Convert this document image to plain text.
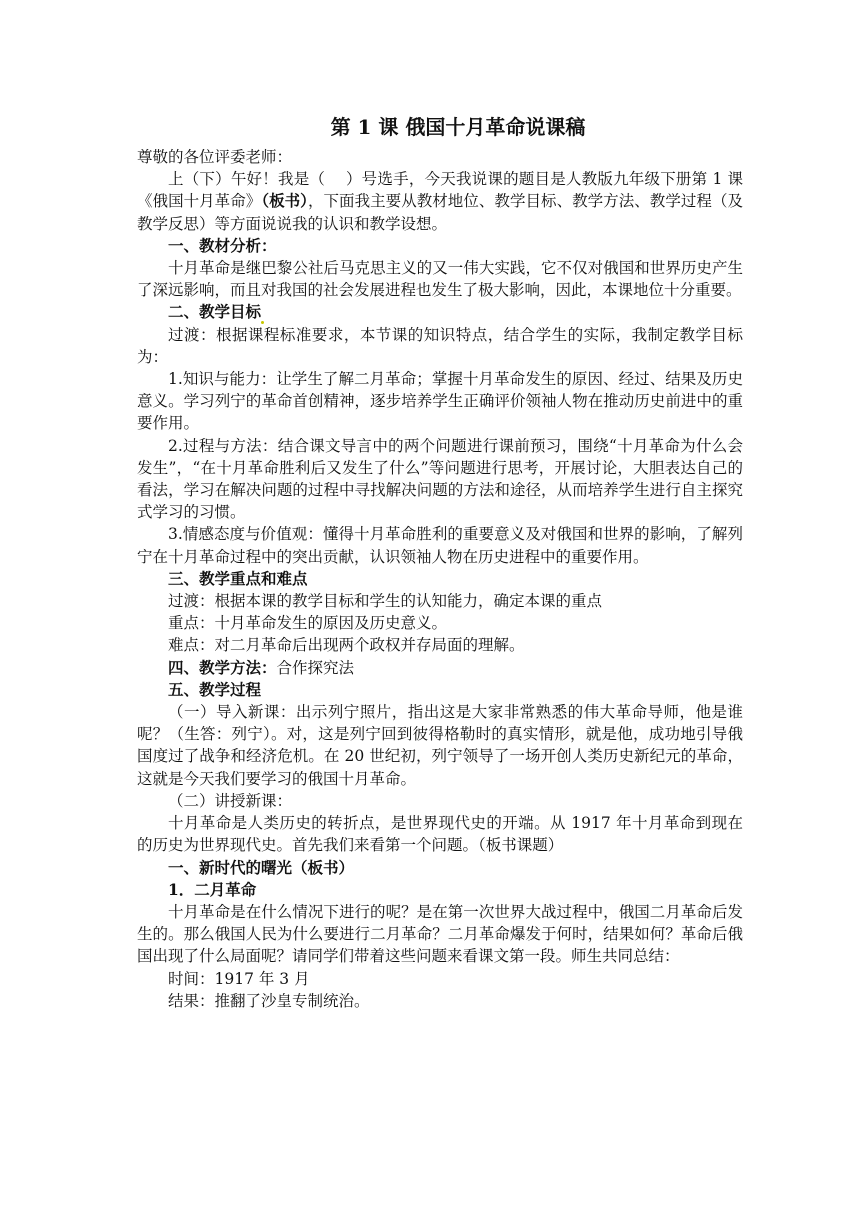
第 1 课 俄国十月革命说课稿

尊敬的各位评委老师：

上（下）午好！我是（　 ）号选手，今天我说课的题目是人教版九年级下册第 1 课《俄国十月革命》（板书），下面我主要从教材地位、教学目标、教学方法、教学过程（及教学反思）等方面说说我的认识和教学设想。

一、教材分析：

十月革命是继巴黎公社后马克思主义的又一伟大实践，它不仅对俄国和世界历史产生了深远影响，而且对我国的社会发展进程也发生了极大影响，因此，本课地位十分重要。

二、教学目标

过渡：根据课程标准要求，本节课的知识特点，结合学生的实际，我制定教学目标为：

1.知识与能力：让学生了解二月革命；掌握十月革命发生的原因、经过、结果及历史意义。学习列宁的革命首创精神，逐步培养学生正确评价领袖人物在推动历史前进中的重要作用。

2.过程与方法：结合课文导言中的两个问题进行课前预习，围绕“十月革命为什么会发生”，“在十月革命胜利后又发生了什么”等问题进行思考，开展讨论，大胆表达自己的看法，学习在解决问题的过程中寻找解决问题的方法和途径，从而培养学生进行自主探究式学习的习惯。

3.情感态度与价值观：懂得十月革命胜利的重要意义及对俄国和世界的影响，了解列宁在十月革命过程中的突出贡献，认识领袖人物在历史进程中的重要作用。

三、教学重点和难点

过渡：根据本课的教学目标和学生的认知能力，确定本课的重点

重点：十月革命发生的原因及历史意义。

难点：对二月革命后出现两个政权并存局面的理解。

四、教学方法：合作探究法

五、教学过程

（一）导入新课：出示列宁照片，指出这是大家非常熟悉的伟大革命导师，他是谁呢？（生答：列宁）。对，这是列宁回到彼得格勒时的真实情形，就是他，成功地引导俄国度过了战争和经济危机。在 20 世纪初，列宁领导了一场开创人类历史新纪元的革命，这就是今天我们要学习的俄国十月革命。

（二）讲授新课：

十月革命是人类历史的转折点，是世界现代史的开端。从 1917 年十月革命到现在的历史为世界现代史。首先我们来看第一个问题。（板书课题）

一、新时代的曙光（板书）

1．二月革命

十月革命是在什么情况下进行的呢？是在第一次世界大战过程中，俄国二月革命后发生的。那么俄国人民为什么要进行二月革命？二月革命爆发于何时，结果如何？革命后俄国出现了什么局面呢？请同学们带着这些问题来看课文第一段。师生共同总结：

时间：1917 年 3 月

结果：推翻了沙皇专制统治。
